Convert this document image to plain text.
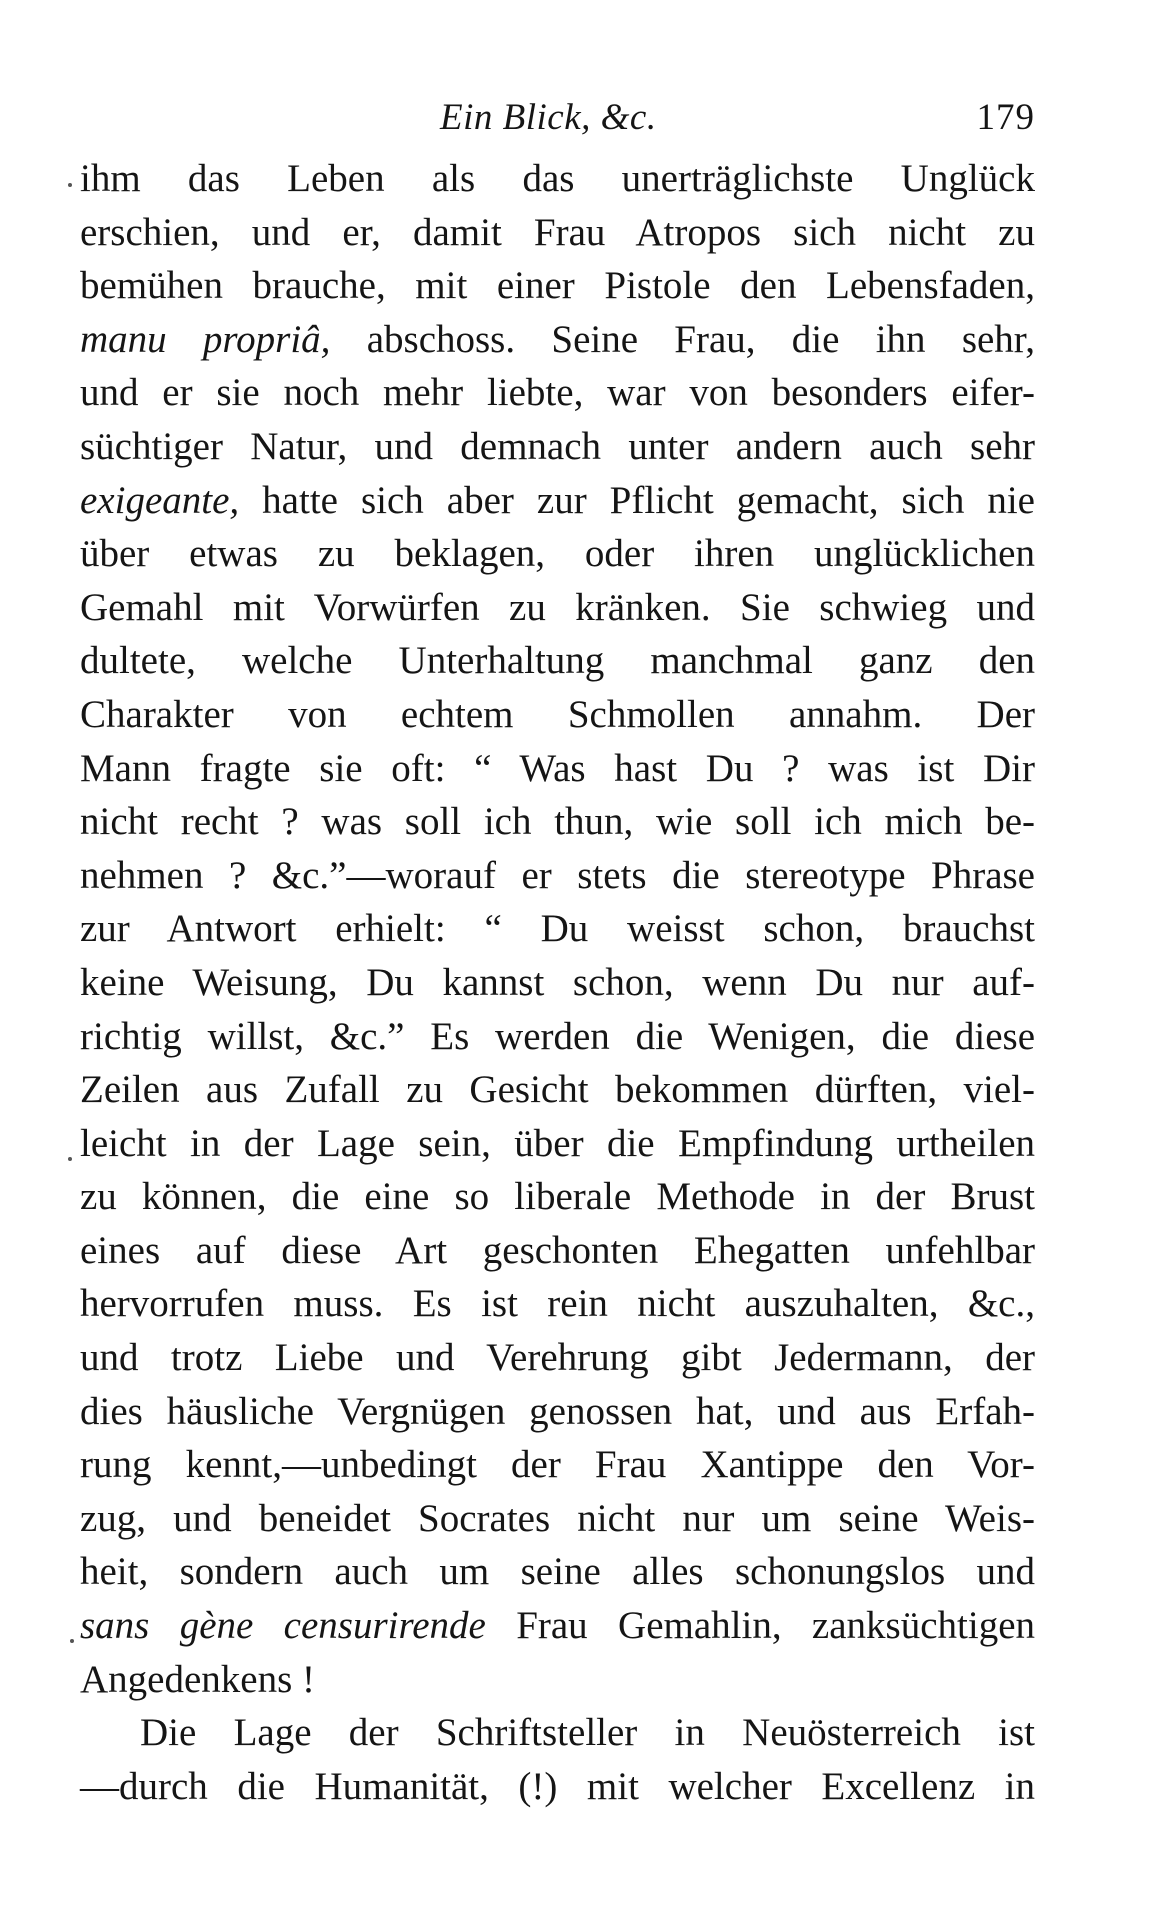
Ein Blick, &c.	179
ihm das Leben als das unerträglichste Unglück
erschien, und er, damit Frau Atropos sich nicht zu
bemühen brauche, mit einer Pistole den Lebensfaden,
manu propriâ, abschoss. Seine Frau, die ihn sehr,
und er sie noch mehr liebte, war von besonders eifer-
süchtiger Natur, und demnach unter andern auch sehr
exigeante, hatte sich aber zur Pflicht gemacht, sich nie
über etwas zu beklagen, oder ihren unglücklichen
Gemahl mit Vorwürfen zu kränken. Sie schwieg und
dultete, welche Unterhaltung manchmal ganz den
Charakter von echtem Schmollen annahm. Der
Mann fragte sie oft: “ Was hast Du ? was ist Dir
nicht recht ? was soll ich thun, wie soll ich mich be-
nehmen ? &c.”—worauf er stets die stereotype Phrase
zur Antwort erhielt: “ Du weisst schon, brauchst
keine Weisung, Du kannst schon, wenn Du nur auf-
richtig willst, &c.” Es werden die Wenigen, die diese
Zeilen aus Zufall zu Gesicht bekommen dürften, viel-
leicht in der Lage sein, über die Empfindung urtheilen
zu können, die eine so liberale Methode in der Brust
eines auf diese Art geschonten Ehegatten unfehlbar
hervorrufen muss. Es ist rein nicht auszuhalten, &c.,
und trotz Liebe und Verehrung gibt Jedermann, der
dies häusliche Vergnügen genossen hat, und aus Erfah-
rung kennt,—unbedingt der Frau Xantippe den Vor-
zug, und beneidet Socrates nicht nur um seine Weis-
heit, sondern auch um seine alles schonungslos und
sans gène censurirende Frau Gemahlin, zanksüchtigen
Angedenkens !
Die Lage der Schriftsteller in Neuösterreich ist
—durch die Humanität, (!) mit welcher Excellenz in
